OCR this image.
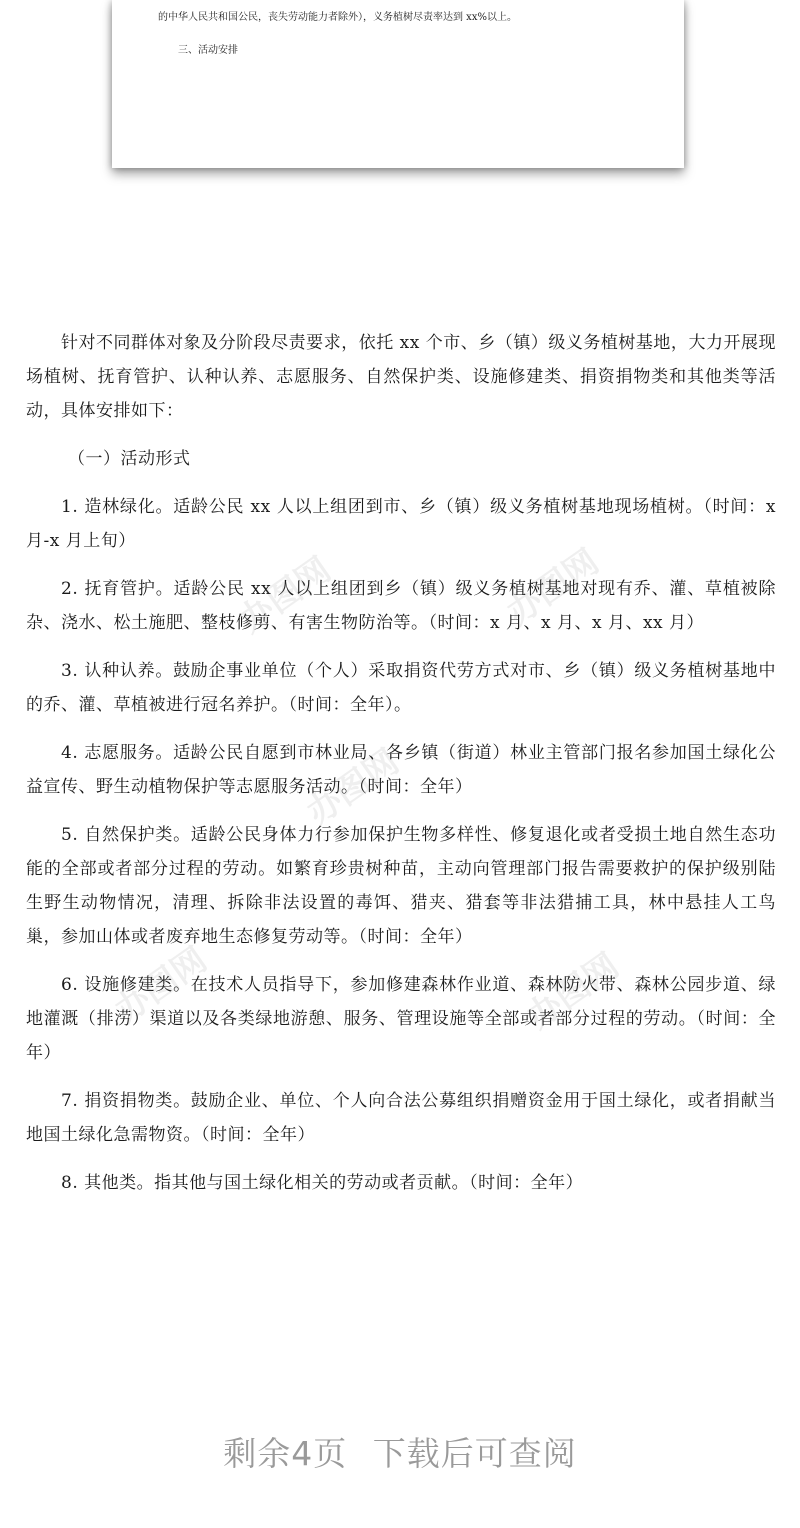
的中华人民共和国公民，丧失劳动能力者除外），义务植树尽责率达到 xx%以上。
三、活动安排

针对不同群体对象及分阶段尽责要求，依托 xx 个市、乡（镇）级义务植树基地，大力开展现场植树、抚育管护、认种认养、志愿服务、自然保护类、设施修建类、捐资捐物类和其他类等活动，具体安排如下：

（一）活动形式

1. 造林绿化。适龄公民 xx 人以上组团到市、乡（镇）级义务植树基地现场植树。（时间：x 月-x 月上旬）

2. 抚育管护。适龄公民 xx 人以上组团到乡（镇）级义务植树基地对现有乔、灌、草植被除杂、浇水、松土施肥、整枝修剪、有害生物防治等。（时间：x 月、x 月、x 月、xx 月）

3. 认种认养。鼓励企事业单位（个人）采取捐资代劳方式对市、乡（镇）级义务植树基地中的乔、灌、草植被进行冠名养护。（时间：全年）。

4. 志愿服务。适龄公民自愿到市林业局、各乡镇（街道）林业主管部门报名参加国土绿化公益宣传、野生动植物保护等志愿服务活动。（时间：全年）

5. 自然保护类。适龄公民身体力行参加保护生物多样性、修复退化或者受损土地自然生态功能的全部或者部分过程的劳动。如繁育珍贵树种苗，主动向管理部门报告需要救护的保护级别陆生野生动物情况，清理、拆除非法设置的毒饵、猎夹、猎套等非法猎捕工具，林中悬挂人工鸟巢，参加山体或者废弃地生态修复劳动等。（时间：全年）

6. 设施修建类。在技术人员指导下，参加修建森林作业道、森林防火带、森林公园步道、绿地灌溉（排涝）渠道以及各类绿地游憩、服务、管理设施等全部或者部分过程的劳动。（时间：全年）

7. 捐资捐物类。鼓励企业、单位、个人向合法公募组织捐赠资金用于国土绿化，或者捐献当地国土绿化急需物资。（时间：全年）

8. 其他类。指其他与国土绿化相关的劳动或者贡献。（时间：全年）

办图网	办图网
办图网
办图网	办图网
剩余4页 下载后可查阅
